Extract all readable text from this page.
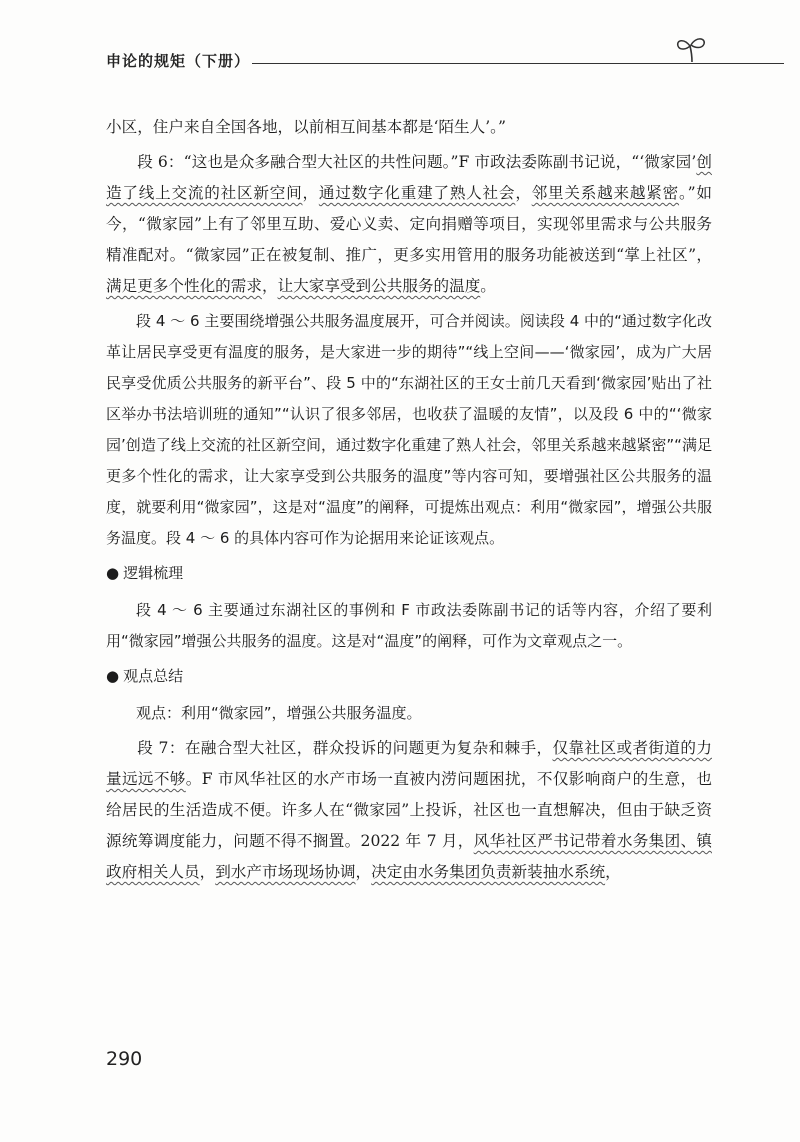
申论的规矩（下册）

小区，住户来自全国各地，以前相互间基本都是‘陌生人’。”

段 6：“这也是众多融合型大社区的共性问题。”F 市政法委陈副书记说，“‘微家园’创造了线上交流的社区新空间，通过数字化重建了熟人社会，邻里关系越来越紧密。”如今，“微家园”上有了邻里互助、爱心义卖、定向捐赠等项目，实现邻里需求与公共服务精准配对。“微家园”正在被复制、推广，更多实用管用的服务功能被送到“掌上社区”，满足更多个性化的需求，让大家享受到公共服务的温度。

段 4 ～ 6 主要围绕增强公共服务温度展开，可合并阅读。阅读段 4 中的“通过数字化改革让居民享受更有温度的服务，是大家进一步的期待”“线上空间——‘微家园’，成为广大居民享受优质公共服务的新平台”、段 5 中的“东湖社区的王女士前几天看到‘微家园’贴出了社区举办书法培训班的通知”“认识了很多邻居，也收获了温暖的友情”，以及段 6 中的“‘微家园’创造了线上交流的社区新空间，通过数字化重建了熟人社会，邻里关系越来越紧密”“满足更多个性化的需求，让大家享受到公共服务的温度”等内容可知，要增强社区公共服务的温度，就要利用“微家园”，这是对“温度”的阐释，可提炼出观点：利用“微家园”，增强公共服务温度。段 4 ～ 6 的具体内容可作为论据用来论证该观点。

● 逻辑梳理

段 4 ～ 6 主要通过东湖社区的事例和 F 市政法委陈副书记的话等内容，介绍了要利用“微家园”增强公共服务的温度。这是对“温度”的阐释，可作为文章观点之一。

● 观点总结

观点：利用“微家园”，增强公共服务温度。

段 7：在融合型大社区，群众投诉的问题更为复杂和棘手，仅靠社区或者街道的力量远远不够。F 市风华社区的水产市场一直被内涝问题困扰，不仅影响商户的生意，也给居民的生活造成不便。许多人在“微家园”上投诉，社区也一直想解决，但由于缺乏资源统筹调度能力，问题不得不搁置。2022 年 7 月，风华社区严书记带着水务集团、镇政府相关人员，到水产市场现场协调，决定由水务集团负责新装抽水系统，

290
